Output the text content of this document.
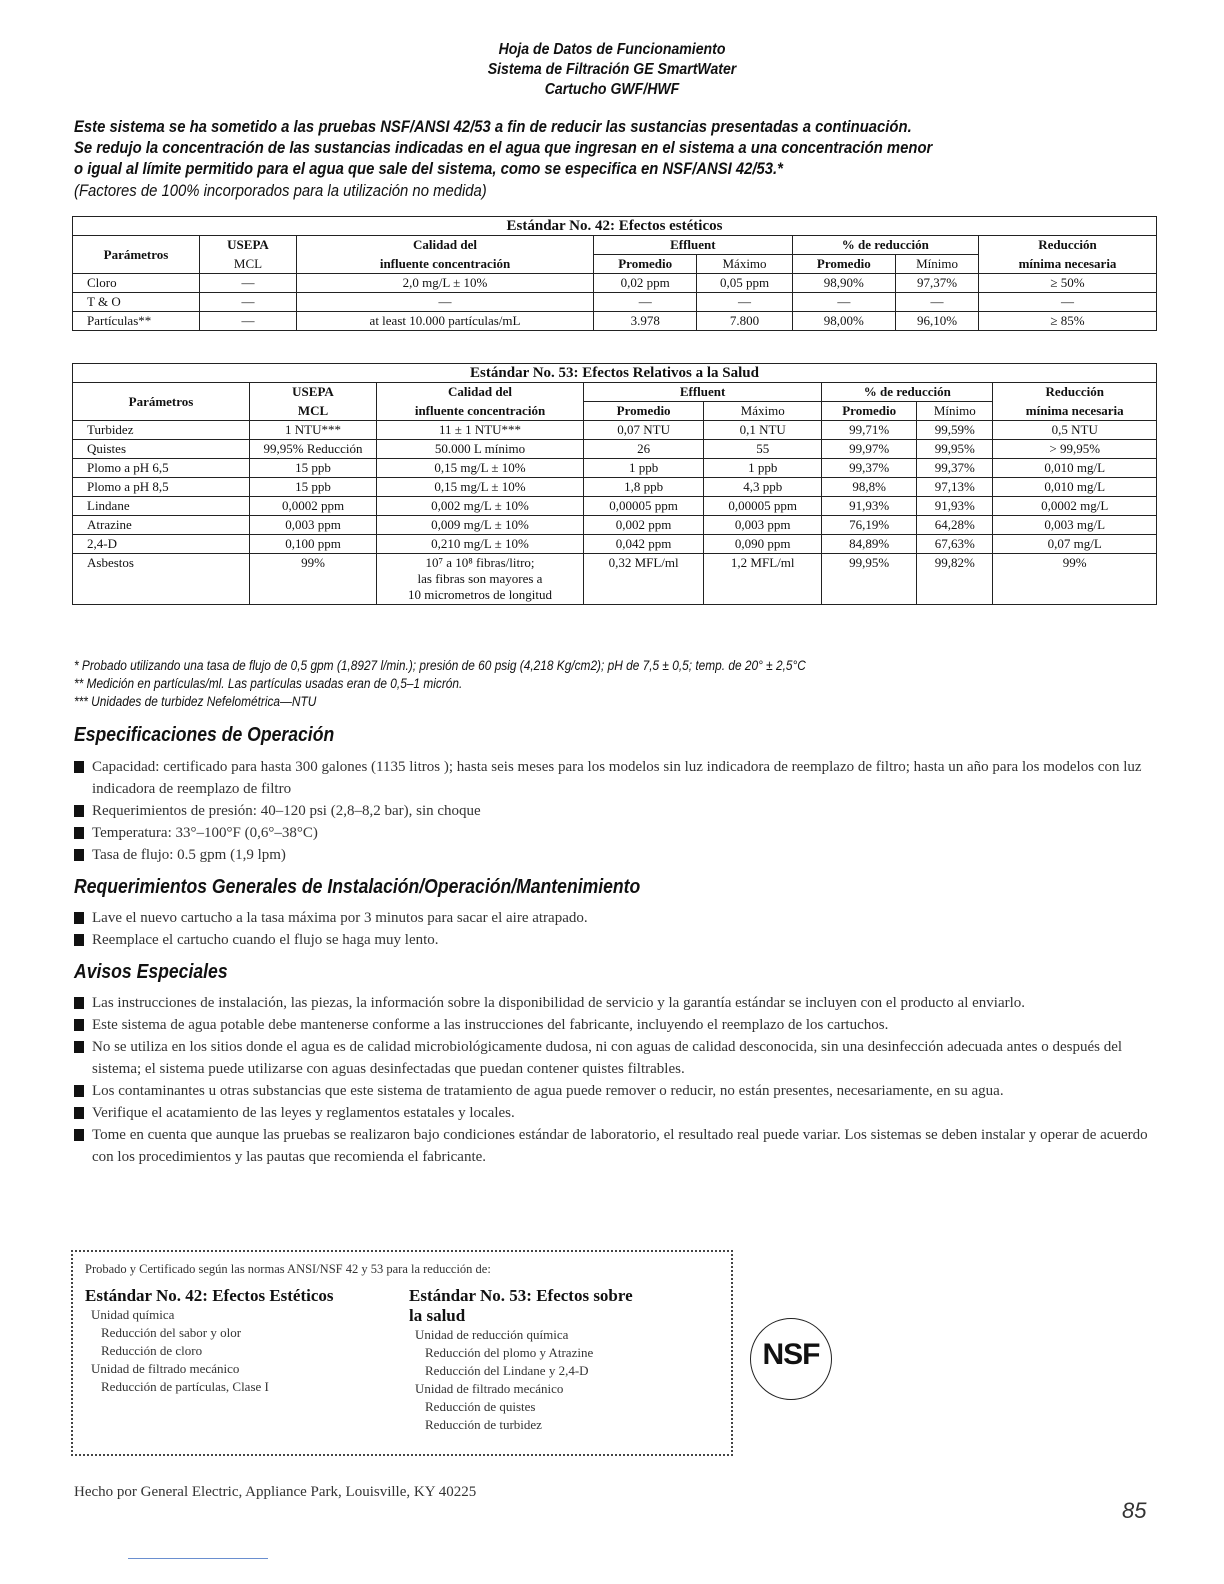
Hoja de Datos de Funcionamiento
Sistema de Filtración GE SmartWater
Cartucho GWF/HWF
Este sistema se ha sometido a las pruebas NSF/ANSI 42/53 a fin de reducir las sustancias presentadas a continuación.
Se redujo la concentración de las sustancias indicadas en el agua que ingresan en el sistema a una concentración menor
o igual al límite permitido para el agua que sale del sistema, como se especifica en NSF/ANSI 42/53.*
(Factores de 100% incorporados para la utilización no medida)
Estándar No. 42: Efectos estéticos							
Parámetros	USEPA	Calidad del	Effluent		% de reducción		Reducción
	MCL	influente concentración	Promedio	Máximo	Promedio	Mínimo	mínima necesaria
Cloro	—	2,0 mg/L ± 10%	0,02 ppm	0,05 ppm	98,90%	97,37%	≥ 50%
T & O	—	—	—	—	—	—	—
Partículas**	—	at least 10.000 partículas/mL	3.978	7.800	98,00%	96,10%	≥ 85%
Estándar No. 53: Efectos Relativos a la Salud							
Parámetros	USEPA	Calidad del	Effluent		% de reducción		Reducción
	MCL	influente concentración	Promedio	Máximo	Promedio	Mínimo	mínima necesaria
Turbidez	1 NTU***	11 ± 1 NTU***	0,07 NTU	0,1 NTU	99,71%	99,59%	0,5 NTU
Quistes	99,95% Reducción	50.000 L mínimo	26	55	99,97%	99,95%	> 99,95%
Plomo a pH 6,5	15 ppb	0,15 mg/L ± 10%	1 ppb	1 ppb	99,37%	99,37%	0,010 mg/L
Plomo a pH 8,5	15 ppb	0,15 mg/L ± 10%	1,8 ppb	4,3 ppb	98,8%	97,13%	0,010 mg/L
Lindane	0,0002 ppm	0,002 mg/L ± 10%	0,00005 ppm	0,00005 ppm	91,93%	91,93%	0,0002 mg/L
Atrazine	0,003 ppm	0,009 mg/L ± 10%	0,002 ppm	0,003 ppm	76,19%	64,28%	0,003 mg/L
2,4-D	0,100 ppm	0,210 mg/L ± 10%	0,042 ppm	0,090 ppm	84,89%	67,63%	0,07 mg/L
Asbestos	99%	10⁷ a 10⁸ fibras/litro;
las fibras son mayores a
10 micrometros de longitud	0,32 MFL/ml	1,2 MFL/ml	99,95%	99,82%	99%
* Probado utilizando una tasa de flujo de 0,5 gpm (1,8927 l/min.); presión de 60 psig (4,218 Kg/cm2); pH de 7,5 ± 0,5; temp. de 20° ± 2,5°C
** Medición en partículas/ml. Las partículas usadas eran de 0,5–1 micrón.
*** Unidades de turbidez Nefelométrica—NTU
Especificaciones de Operación
Capacidad: certificado para hasta 300 galones (1135 litros ); hasta seis meses para los modelos sin luz indicadora de reemplazo de filtro; hasta un año para los modelos con luz indicadora de reemplazo de filtro
Requerimientos de presión: 40–120 psi (2,8–8,2 bar), sin choque
Temperatura: 33°–100°F (0,6°–38°C)
Tasa de flujo: 0.5 gpm (1,9 lpm)
Requerimientos Generales de Instalación/Operación/Mantenimiento
Lave el nuevo cartucho a la tasa máxima por 3 minutos para sacar el aire atrapado.
Reemplace el cartucho cuando el flujo se haga muy lento.
Avisos Especiales
Las instrucciones de instalación, las piezas, la información sobre la disponibilidad de servicio y la garantía estándar se incluyen con el producto al enviarlo.
Este sistema de agua potable debe mantenerse conforme a las instrucciones del fabricante, incluyendo el reemplazo de los cartuchos.
No se utiliza en los sitios donde el agua es de calidad microbiológicamente dudosa, ni con aguas de calidad desconocida, sin una desinfección adecuada antes o después del sistema; el sistema puede utilizarse con aguas desinfectadas que puedan contener quistes filtrables.
Los contaminantes u otras substancias que este sistema de tratamiento de agua puede remover o reducir, no están presentes, necesariamente, en su agua.
Verifique el acatamiento de las leyes y reglamentos estatales y locales.
Tome en cuenta que aunque las pruebas se realizaron bajo condiciones estándar de laboratorio, el resultado real puede variar. Los sistemas se deben instalar y operar de acuerdo con los procedimientos y las pautas que recomienda el fabricante.
Probado y Certificado según las normas ANSI/NSF 42 y 53 para la reducción de:
Estándar No. 42: Efectos Estéticos
Unidad química
Reducción del sabor y olor
Reducción de cloro
Unidad de filtrado mecánico
Reducción de partículas, Clase I
Estándar No. 53: Efectos sobre
la salud
Unidad de reducción química
Reducción del plomo y Atrazine
Reducción del Lindane y 2,4-D
Unidad de filtrado mecánico
Reducción de quistes
Reducción de turbidez
NSF
Hecho por General Electric, Appliance Park, Louisville, KY 40225
85
